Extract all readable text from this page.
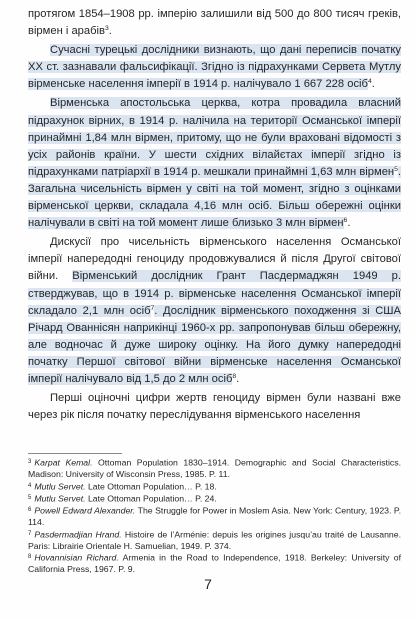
протягом 1854–1908 рр. імперію залишили від 500 до 800 тисяч греків, вірмен і арабів$^3$.

Сучасні турецькі дослідники визнають, що дані переписів початку XX ст. зазнавали фальсифікації. Згідно із підрахунками Сервета Мутлу вірменське населення імперії в 1914 р. налічувало 1 667 228 осіб$^4$.

Вірменська апостольська церква, котра провадила власний підрахунок вірних, в 1914 р. налічила на території Османської імперії принаймні 1,84 млн вірмен, притому, що не були враховані відомості з усіх районів країни. У шести східних вілайєтах імперії згідно із підрахунками патріархії в 1914 р. мешкали принаймні 1,63 млн вірмен$^5$. Загальна чисельність вірмен у світі на той момент, згідно з оцінками вірменської церкви, складала 4,16 млн осіб. Більш обережні оцінки налічували в світі на той момент лише близько 3 млн вірмен$^6$.

Дискусії про чисельність вірменського населення Османської імперії напередодні геноциду продовжувалися й після Другої світової війни. Вірменський дослідник Грант Пасдермаджян 1949 р. стверджував, що в 1914 р. вірменське населення Османської імперії складало 2,1 млн осіб$^7$. Дослідник вірменського походження зі США Річард Ованнісян наприкінці 1960-х рр. запропонував більш обережну, але водночас й дуже широку оцінку. На його думку напередодні початку Першої світової війни вірменське населення Османської імперії налічувало від 1,5 до 2 млн осіб$^8$.

Перші оціночні цифри жертв геноциду вірмен були названі вже через рік після початку переслідування вірменського населення

$^3$ Karpat Kemal. Ottoman Population 1830–1914. Demographic and Social Characteristics. Madison: University of Wisconsin Press, 1985. P. 11.
$^4$ Mutlu Servet. Late Ottoman Population… P. 18.
$^5$ Mutlu Servet. Late Ottoman Population… P. 24.
$^6$ Powell Edward Alexander. The Struggle for Power in Moslem Asia. New York: Century, 1923. P. 114.
$^7$ Pasdermadjian Hrand. Histoire de l’Arménie: depuis les origines jusqu’au traité de Lausanne. Paris: Librairie Orientale H. Samuelian, 1949. P. 374.
$^8$ Hovannisian Richard. Armenia in the Road to Independence, 1918. Berkeley: University of California Press, 1967. P. 9.
7
